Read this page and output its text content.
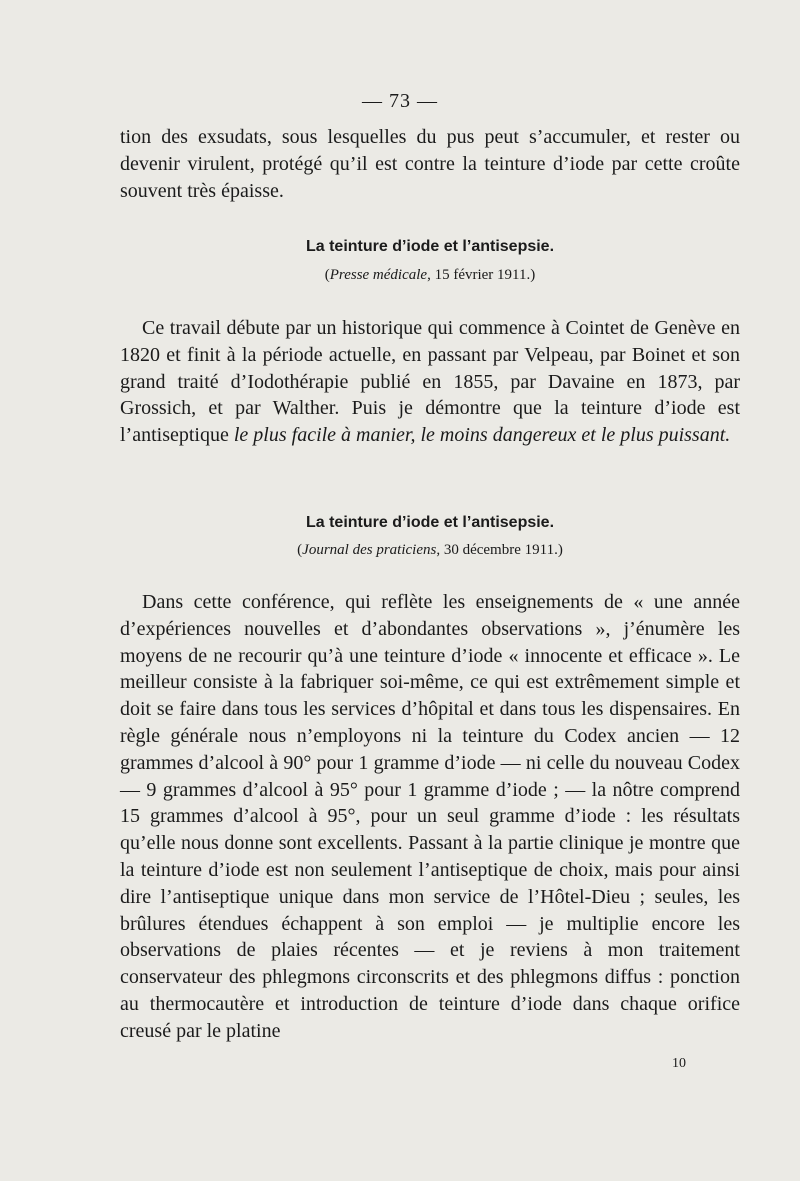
— 73 —

tion des exsudats, sous lesquelles du pus peut s’accumuler, et rester ou devenir virulent, protégé qu’il est contre la teinture d’iode par cette croûte souvent très épaisse.

La teinture d’iode et l’antisepsie.
(Presse médicale, 15 février 1911.)

Ce travail débute par un historique qui commence à Cointet de Genève en 1820 et finit à la période actuelle, en passant par Velpeau, par Boinet et son grand traité d’Iodothérapie publié en 1855, par Davaine en 1873, par Grossich, et par Walther. Puis je démontre que la teinture d’iode est l’antiseptique le plus facile à manier, le moins dangereux et le plus puissant.

La teinture d’iode et l’antisepsie.
(Journal des praticiens, 30 décembre 1911.)

Dans cette conférence, qui reflète les enseignements de « une année d’expériences nouvelles et d’abondantes observations », j’énumère les moyens de ne recourir qu’à une teinture d’iode « innocente et efficace ». Le meilleur consiste à la fabriquer soi-même, ce qui est extrêmement simple et doit se faire dans tous les services d’hôpital et dans tous les dispensaires. En règle générale nous n’employons ni la teinture du Codex ancien — 12 grammes d’alcool à 90° pour 1 gramme d’iode — ni celle du nouveau Codex — 9 grammes d’alcool à 95° pour 1 gramme d’iode ; — la nôtre comprend 15 grammes d’alcool à 95°, pour un seul gramme d’iode : les résultats qu’elle nous donne sont excellents. Passant à la partie clinique je montre que la teinture d’iode est non seulement l’antiseptique de choix, mais pour ainsi dire l’antiseptique unique dans mon service de l’Hôtel-Dieu ; seules, les brûlures étendues échappent à son emploi — je multiplie encore les observations de plaies récentes — et je reviens à mon traitement conservateur des phlegmons circonscrits et des phlegmons diffus : ponction au thermocautère et introduction de teinture d’iode dans chaque orifice creusé par le platine

10
